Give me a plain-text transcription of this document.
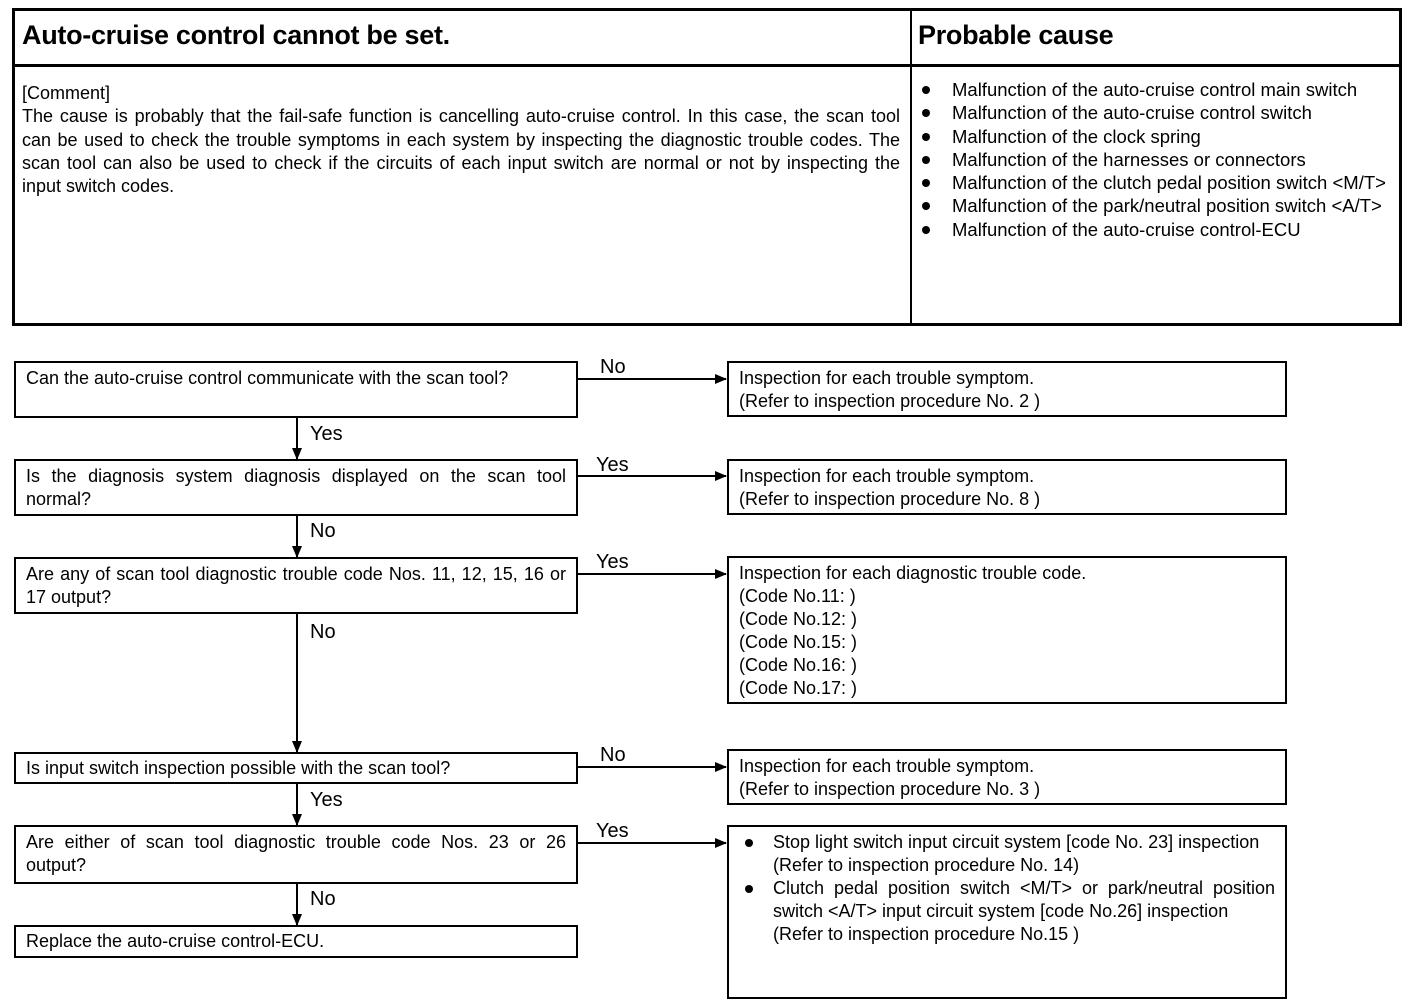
Auto-cruise control cannot be set.	Probable cause
[Comment]
The cause is probably that the fail-safe function is cancelling auto-cruise control. In this case, the scan tool can be used to check the trouble symptoms in each system by inspecting the diagnostic trouble codes. The scan tool can also be used to check if the circuits of each input switch are normal or not by inspecting the input switch codes.
Malfunction of the auto-cruise control main switch
Malfunction of the auto-cruise control switch
Malfunction of the clock spring
Malfunction of the harnesses or connectors
Malfunction of the clutch pedal position switch <M/T>
Malfunction of the park/neutral position switch <A/T>
Malfunction of the auto-cruise control-ECU
No
Yes
Yes
No
Yes
No
No
Yes
Yes
No
Can the auto-cruise control communicate with the scan tool?
Is the diagnosis system diagnosis displayed on the scan tool normal?
Are any of scan tool diagnostic trouble code Nos. 11, 12, 15, 16 or 17 output?
Is input switch inspection possible with the scan tool?
Are either of scan tool diagnostic trouble code Nos. 23 or 26 output?
Replace the auto-cruise control-ECU.
Inspection for each trouble symptom.
(Refer to inspection procedure No. 2 )
Inspection for each trouble symptom.
(Refer to inspection procedure No. 8 )
Inspection for each diagnostic trouble code.
(Code No.11: )
(Code No.12: )
(Code No.15: )
(Code No.16: )
(Code No.17: )
Inspection for each trouble symptom.
(Refer to inspection procedure No. 3 )
Stop light switch input circuit system [code No. 23] inspection
(Refer to inspection procedure No. 14)
Clutch pedal position switch <M/T> or park/neutral position switch <A/T> input circuit system [code No.26] inspection
(Refer to inspection procedure No.15 )
